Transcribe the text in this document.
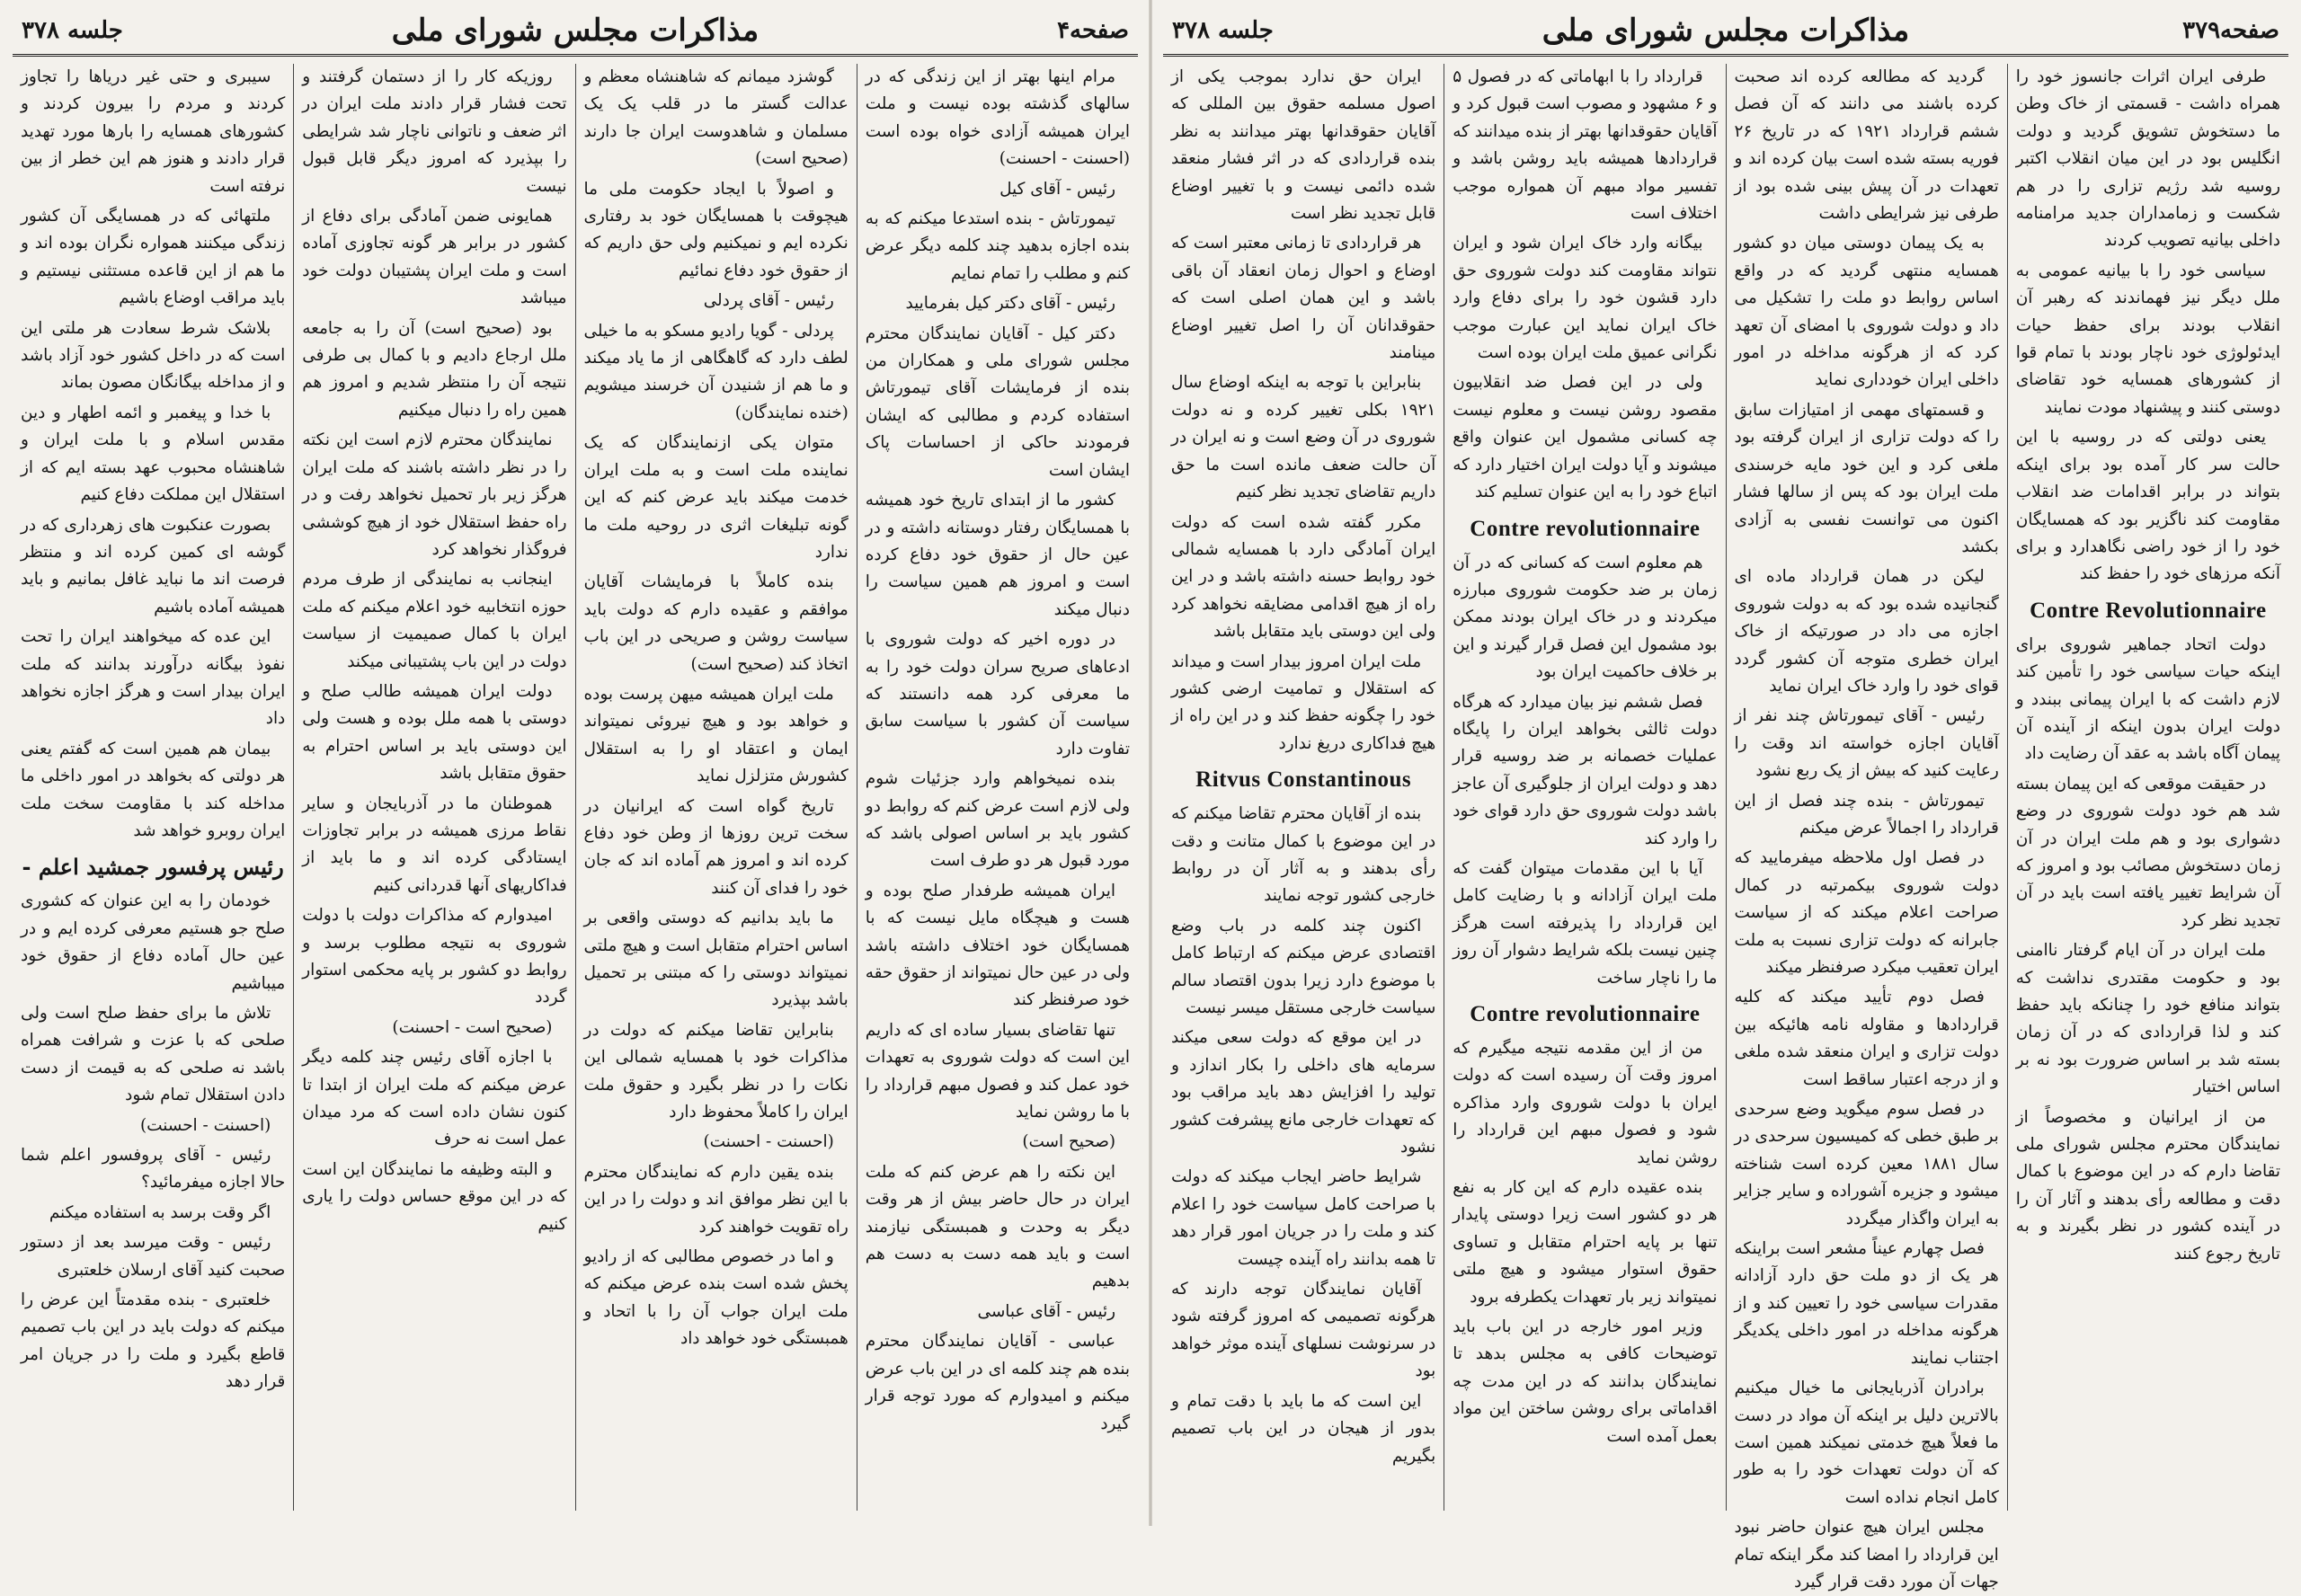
صفحه۴
مذاکرات مجلس شورای ملی
جلسه ۳۷۸

مرام اینها بهتر از این زندگی که در سالهای گذشته بوده نیست و ملت ایران همیشه آزادی خواه بوده است (احسنت - احسنت)

رئیس - آقای کیل

تیمورتاش - بنده استدعا میکنم که به بنده اجازه بدهید چند کلمه دیگر عرض کنم و مطلب را تمام نمایم

رئیس - آقای دکتر کیل بفرمایید

دکتر کیل - آقایان نمایندگان محترم مجلس شورای ملی و همکاران من بنده از فرمایشات آقای تیمورتاش استفاده کردم و مطالبی که ایشان فرمودند حاکی از احساسات پاک ایشان است

کشور ما از ابتدای تاریخ خود همیشه با همسایگان رفتار دوستانه داشته و در عین حال از حقوق خود دفاع کرده است و امروز هم همین سیاست را دنبال میکند

در دوره اخیر که دولت شوروی با ادعاهای صریح سران دولت خود را به ما معرفی کرد همه دانستند که سیاست آن کشور با سیاست سابق تفاوت دارد

بنده نمیخواهم وارد جزئیات شوم ولی لازم است عرض کنم که روابط دو کشور باید بر اساس اصولی باشد که مورد قبول هر دو طرف است

ایران همیشه طرفدار صلح بوده و هست و هیچگاه مایل نیست که با همسایگان خود اختلاف داشته باشد ولی در عین حال نمیتواند از حقوق حقه خود صرفنظر کند

تنها تقاضای بسیار ساده ای که داریم این است که دولت شوروی به تعهدات خود عمل کند و فصول مبهم قرارداد را با ما روشن نماید

(صحیح است)

این نکته را هم عرض کنم که ملت ایران در حال حاضر بیش از هر وقت دیگر به وحدت و همبستگی نیازمند است و باید همه دست به دست هم بدهیم

رئیس - آقای عباسی

عباسی - آقایان نمایندگان محترم بنده هم چند کلمه ای در این باب عرض میکنم و امیدوارم که مورد توجه قرار گیرد

گوشزد میمانم که شاهنشاه معظم و عدالت گستر ما در قلب یک یک مسلمان و شاهدوست ایران جا دارند (صحیح است)

و اصولاً با ایجاد حکومت ملی ما هیچوقت با همسایگان خود بد رفتاری نکرده ایم و نمیکنیم ولی حق داریم که از حقوق خود دفاع نمائیم

رئیس - آقای پردلی

پردلی - گویا رادیو مسکو به ما خیلی لطف دارد که گاهگاهی از ما یاد میکند و ما هم از شنیدن آن خرسند میشویم (خنده نمایندگان)

متوان یکی ازنمایندگان که یک نماینده ملت است و به ملت ایران خدمت میکند باید عرض کنم که این گونه تبلیغات اثری در روحیه ملت ما ندارد

بنده کاملاً با فرمایشات آقایان موافقم و عقیده دارم که دولت باید سیاست روشن و صریحی در این باب اتخاذ کند (صحیح است)

ملت ایران همیشه میهن پرست بوده و خواهد بود و هیچ نیروئی نمیتواند ایمان و اعتقاد او را به استقلال کشورش متزلزل نماید

تاریخ گواه است که ایرانیان در سخت ترین روزها از وطن خود دفاع کرده اند و امروز هم آماده اند که جان خود را فدای آن کنند

ما باید بدانیم که دوستی واقعی بر اساس احترام متقابل است و هیچ ملتی نمیتواند دوستی را که مبتنی بر تحمیل باشد بپذیرد

بنابراین تقاضا میکنم که دولت در مذاکرات خود با همسایه شمالی این نکات را در نظر بگیرد و حقوق ملت ایران را کاملاً محفوظ دارد

(احسنت - احسنت)

بنده یقین دارم که نمایندگان محترم با این نظر موافق اند و دولت را در این راه تقویت خواهند کرد

و اما در خصوص مطالبی که از رادیو پخش شده است بنده عرض میکنم که ملت ایران جواب آن را با اتحاد و همبستگی خود خواهد داد

روزیکه کار را از دستمان گرفتند و تحت فشار قرار دادند ملت ایران در اثر ضعف و ناتوانی ناچار شد شرایطی را بپذیرد که امروز دیگر قابل قبول نیست

همایونی ضمن آمادگی برای دفاع از کشور در برابر هر گونه تجاوزی آماده است و ملت ایران پشتیبان دولت خود میباشد

بود (صحیح است) آن را به جامعه ملل ارجاع دادیم و با کمال بی طرفی نتیجه آن را منتظر شدیم و امروز هم همین راه را دنبال میکنیم

نمایندگان محترم لازم است این نکته را در نظر داشته باشند که ملت ایران هرگز زیر بار تحمیل نخواهد رفت و در راه حفظ استقلال خود از هیچ کوششی فروگذار نخواهد کرد

اینجانب به نمایندگی از طرف مردم حوزه انتخابیه خود اعلام میکنم که ملت ایران با کمال صمیمیت از سیاست دولت در این باب پشتیبانی میکند

دولت ایران همیشه طالب صلح و دوستی با همه ملل بوده و هست ولی این دوستی باید بر اساس احترام به حقوق متقابل باشد

هموطنان ما در آذربایجان و سایر نقاط مرزی همیشه در برابر تجاوزات ایستادگی کرده اند و ما باید از فداکاریهای آنها قدردانی کنیم

امیدوارم که مذاکرات دولت با دولت شوروی به نتیجه مطلوب برسد و روابط دو کشور بر پایه محکمی استوار گردد

(صحیح است - احسنت)

با اجازه آقای رئیس چند کلمه دیگر عرض میکنم که ملت ایران از ابتدا تا کنون نشان داده است که مرد میدان عمل است نه حرف

و البته وظیفه ما نمایندگان این است که در این موقع حساس دولت را یاری کنیم

سیبری و حتی غیر دریاها را تجاوز کردند و مردم را بیرون کردند و کشورهای همسایه را بارها مورد تهدید قرار دادند و هنوز هم این خطر از بین نرفته است

ملتهائی که در همسایگی آن کشور زندگی میکنند همواره نگران بوده اند و ما هم از این قاعده مستثنی نیستیم و باید مراقب اوضاع باشیم

بلاشک شرط سعادت هر ملتی این است که در داخل کشور خود آزاد باشد و از مداخله بیگانگان مصون بماند

با خدا و پیغمبر و ائمه اطهار و دین مقدس اسلام و با ملت ایران و شاهنشاه محبوب عهد بسته ایم که از استقلال این مملکت دفاع کنیم

بصورت عنکبوت های زهرداری که در گوشه ای کمین کرده اند و منتظر فرصت اند ما نباید غافل بمانیم و باید همیشه آماده باشیم

این عده که میخواهند ایران را تحت نفوذ بیگانه درآورند بدانند که ملت ایران بیدار است و هرگز اجازه نخواهد داد

بیمان هم همین است که گفتم یعنی هر دولتی که بخواهد در امور داخلی ما مداخله کند با مقاومت سخت ملت ایران روبرو خواهد شد

رئیس پرفسور جمشید اعلم -

خودمان را به این عنوان که کشوری صلح جو هستیم معرفی کرده ایم و در عین حال آماده دفاع از حقوق خود میباشیم

تلاش ما برای حفظ صلح است ولی صلحی که با عزت و شرافت همراه باشد نه صلحی که به قیمت از دست دادن استقلال تمام شود

(احسنت - احسنت)

رئیس - آقای پروفسور اعلم شما حالا اجازه میفرمائید؟

اگر وقت برسد به استفاده میکنم

رئیس - وقت میرسد بعد از دستور صحبت کنید آقای ارسلان خلعتبری

خلعتبری - بنده مقدمتاً این عرض را میکنم که دولت باید در این باب تصمیم قاطع بگیرد و ملت را در جریان امر قرار دهد

صفحه۳۷۹
مذاکرات مجلس شورای ملی
جلسه ۳۷۸

طرفی ایران اثرات جانسوز خود را همراه داشت - قسمتی از خاک وطن ما دستخوش تشویق گردید و دولت انگلیس بود در این میان انقلاب اکتبر روسیه شد رژیم تزاری را در هم شکست و زمامداران جدید مرامنامه داخلی بیانیه تصویب کردند

سیاسی خود را با بیانیه عمومی به ملل دیگر نیز فهماندند که رهبر آن انقلاب بودند برای حفظ حیات ایدئولوژی خود ناچار بودند با تمام قوا از کشورهای همسایه خود تقاضای دوستی کنند و پیشنهاد مودت نمایند

یعنی دولتی که در روسیه با این حالت سر کار آمده بود برای اینکه بتواند در برابر اقدامات ضد انقلاب مقاومت کند ناگزیر بود که همسایگان خود را از خود راضی نگاهدارد و برای آنکه مرزهای خود را حفظ کند

Contre Revolutionnaire

دولت اتحاد جماهیر شوروی برای اینکه حیات سیاسی خود را تأمین کند لازم داشت که با ایران پیمانی ببندد و دولت ایران بدون اینکه از آینده آن پیمان آگاه باشد به عقد آن رضایت داد

در حقیقت موقعی که این پیمان بسته شد هم خود دولت شوروی در وضع دشواری بود و هم ملت ایران در آن زمان دستخوش مصائب بود و امروز که آن شرایط تغییر یافته است باید در آن تجدید نظر کرد

ملت ایران در آن ایام گرفتار ناامنی بود و حکومت مقتدری نداشت که بتواند منافع خود را چنانکه باید حفظ کند و لذا قراردادی که در آن زمان بسته شد بر اساس ضرورت بود نه بر اساس اختیار

من از ایرانیان و مخصوصاً از نمایندگان محترم مجلس شورای ملی تقاضا دارم که در این موضوع با کمال دقت و مطالعه رأی بدهند و آثار آن را در آینده کشور در نظر بگیرند و به تاریخ رجوع کنند

گردید که مطالعه کرده اند صحبت کرده باشند می دانند که آن فصل ششم قرارداد ۱۹۲۱ که در تاریخ ۲۶ فوریه بسته شده است بیان کرده اند و تعهدات در آن پیش بینی شده بود از طرفی نیز شرایطی داشت

به یک پیمان دوستی میان دو کشور همسایه منتهی گردید که در واقع اساس روابط دو ملت را تشکیل می داد و دولت شوروی با امضای آن تعهد کرد که از هرگونه مداخله در امور داخلی ایران خودداری نماید

و قسمتهای مهمی از امتیازات سابق را که دولت تزاری از ایران گرفته بود ملغی کرد و این خود مایه خرسندی ملت ایران بود که پس از سالها فشار اکنون می توانست نفسی به آزادی بکشد

لیکن در همان قرارداد ماده ای گنجانیده شده بود که به دولت شوروی اجازه می داد در صورتیکه از خاک ایران خطری متوجه آن کشور گردد قوای خود را وارد خاک ایران نماید

رئیس - آقای تیمورتاش چند نفر از آقایان اجازه خواسته اند وقت را رعایت کنید که بیش از یک ربع نشود

تیمورتاش - بنده چند فصل از این قرارداد را اجمالاً عرض میکنم

در فصل اول ملاحظه میفرمایید که دولت شوروی بیکمرتبه در کمال صراحت اعلام میکند که از سیاست جابرانه که دولت تزاری نسبت به ملت ایران تعقیب میکرد صرفنظر میکند

فصل دوم تأیید میکند که کلیه قراردادها و مقاوله نامه هائیکه بین دولت تزاری و ایران منعقد شده ملغی و از درجه اعتبار ساقط است

در فصل سوم میگوید وضع سرحدی بر طبق خطی که کمیسیون سرحدی در سال ۱۸۸۱ معین کرده است شناخته میشود و جزیره آشوراده و سایر جزایر به ایران واگذار میگردد

فصل چهارم عیناً مشعر است براینکه هر یک از دو ملت حق دارد آزادانه مقدرات سیاسی خود را تعیین کند و از هرگونه مداخله در امور داخلی یکدیگر اجتناب نمایند

برادران آذربایجانی ما خیال میکنیم بالاترین دلیل بر اینکه آن مواد در دست ما فعلاً هیچ خدمتی نمیکند همین است که آن دولت تعهدات خود را به طور کامل انجام نداده است

مجلس ایران هیچ عنوان حاضر نبود این قرارداد را امضا کند مگر اینکه تمام جهات آن مورد دقت قرار گیرد

قرارداد را با ابهاماتی که در فصول ۵ و ۶ مشهود و مصوب است قبول کرد و آقایان حقوقدانها بهتر از بنده میدانند که قراردادها همیشه باید روشن باشد و تفسیر مواد مبهم آن همواره موجب اختلاف است

بیگانه وارد خاک ایران شود و ایران نتواند مقاومت کند دولت شوروی حق دارد قشون خود را برای دفاع وارد خاک ایران نماید این عبارت موجب نگرانی عمیق ملت ایران بوده است

ولی در این فصل ضد انقلابیون مقصود روشن نیست و معلوم نیست چه کسانی مشمول این عنوان واقع میشوند و آیا دولت ایران اختیار دارد که اتباع خود را به این عنوان تسلیم کند

Contre revolutionnaire

هم معلوم است که کسانی که در آن زمان بر ضد حکومت شوروی مبارزه میکردند و در خاک ایران بودند ممکن بود مشمول این فصل قرار گیرند و این بر خلاف حاکمیت ایران بود

فصل ششم نیز بیان میدارد که هرگاه دولت ثالثی بخواهد ایران را پایگاه عملیات خصمانه بر ضد روسیه قرار دهد و دولت ایران از جلوگیری آن عاجز باشد دولت شوروی حق دارد قوای خود را وارد کند

آیا با این مقدمات میتوان گفت که ملت ایران آزادانه و با رضایت کامل این قرارداد را پذیرفته است هرگز چنین نیست بلکه شرایط دشوار آن روز ما را ناچار ساخت

Contre revolutionnaire

من از این مقدمه نتیجه میگیرم که امروز وقت آن رسیده است که دولت ایران با دولت شوروی وارد مذاکره شود و فصول مبهم این قرارداد را روشن نماید

بنده عقیده دارم که این کار به نفع هر دو کشور است زیرا دوستی پایدار تنها بر پایه احترام متقابل و تساوی حقوق استوار میشود و هیچ ملتی نمیتواند زیر بار تعهدات یکطرفه برود

وزیر امور خارجه در این باب باید توضیحات کافی به مجلس بدهد تا نمایندگان بدانند که در این مدت چه اقداماتی برای روشن ساختن این مواد بعمل آمده است

ایران حق ندارد بموجب یکی از اصول مسلمه حقوق بین المللی که آقایان حقوقدانها بهتر میدانند به نظر بنده قراردادی که در اثر فشار منعقد شده دائمی نیست و با تغییر اوضاع قابل تجدید نظر است

هر قراردادی تا زمانی معتبر است که اوضاع و احوال زمان انعقاد آن باقی باشد و این همان اصلی است که حقوقدانان آن را اصل تغییر اوضاع مینامند

بنابراین با توجه به اینکه اوضاع سال ۱۹۲۱ بکلی تغییر کرده و نه دولت شوروی در آن وضع است و نه ایران در آن حالت ضعف مانده است ما حق داریم تقاضای تجدید نظر کنیم

مکرر گفته شده است که دولت ایران آمادگی دارد با همسایه شمالی خود روابط حسنه داشته باشد و در این راه از هیچ اقدامی مضایقه نخواهد کرد ولی این دوستی باید متقابل باشد

ملت ایران امروز بیدار است و میداند که استقلال و تمامیت ارضی کشور خود را چگونه حفظ کند و در این راه از هیچ فداکاری دریغ ندارد

Ritvus Constantinous

بنده از آقایان محترم تقاضا میکنم که در این موضوع با کمال متانت و دقت رأی بدهند و به آثار آن در روابط خارجی کشور توجه نمایند

اکنون چند کلمه در باب وضع اقتصادی عرض میکنم که ارتباط کامل با موضوع دارد زیرا بدون اقتصاد سالم سیاست خارجی مستقل میسر نیست

در این موقع که دولت سعی میکند سرمایه های داخلی را بکار اندازد و تولید را افزایش دهد باید مراقب بود که تعهدات خارجی مانع پیشرفت کشور نشود

شرایط حاضر ایجاب میکند که دولت با صراحت کامل سیاست خود را اعلام کند و ملت را در جریان امور قرار دهد تا همه بدانند راه آینده چیست

آقایان نمایندگان توجه دارند که هرگونه تصمیمی که امروز گرفته شود در سرنوشت نسلهای آینده موثر خواهد بود

این است که ما باید با دقت تمام و بدور از هیجان در این باب تصمیم بگیریم
